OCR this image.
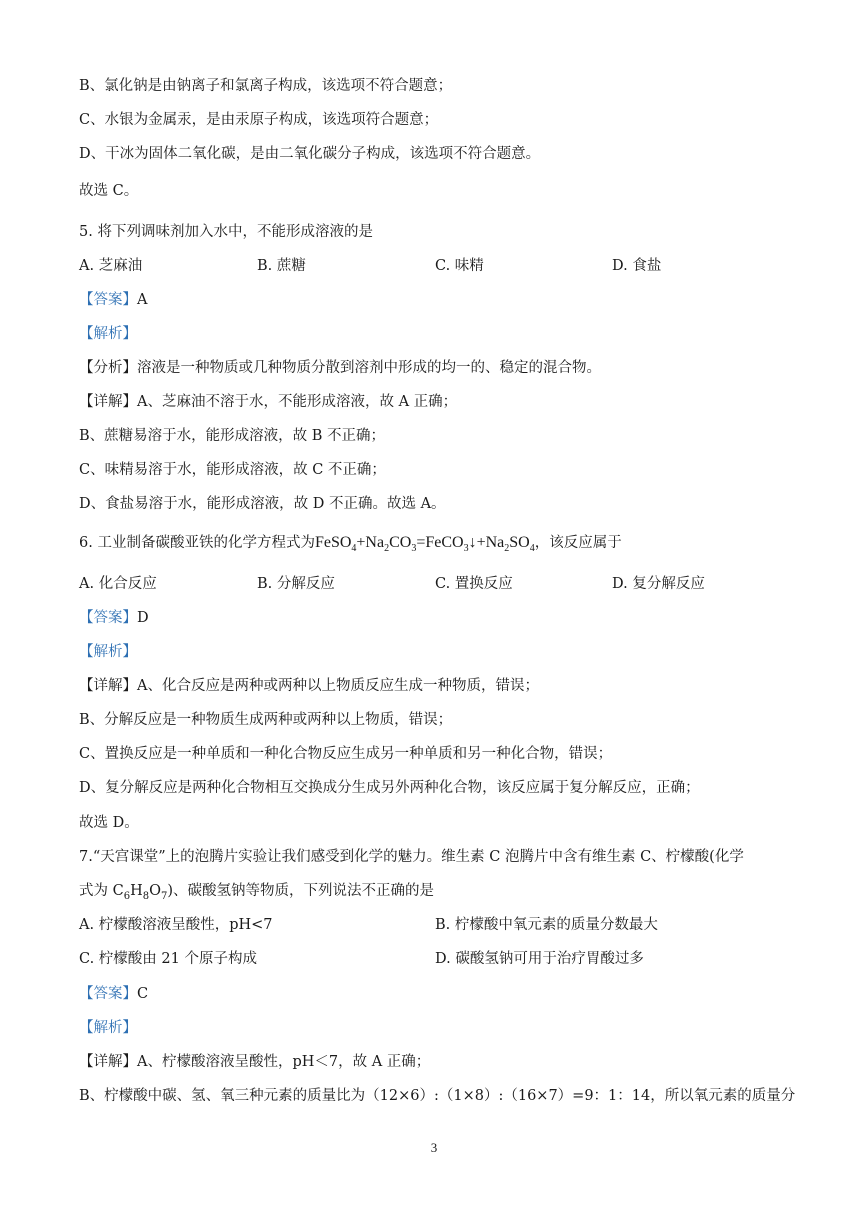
B、氯化钠是由钠离子和氯离子构成，该选项不符合题意；
C、水银为金属汞，是由汞原子构成，该选项符合题意；
D、干冰为固体二氧化碳，是由二氧化碳分子构成，该选项不符合题意。
故选 C。
5. 将下列调味剂加入水中，不能形成溶液的是
A. 芝麻油	B. 蔗糖	C. 味精	D. 食盐
【答案】A
【解析】
【分析】溶液是一种物质或几种物质分散到溶剂中形成的均一的、稳定的混合物。
【详解】A、芝麻油不溶于水，不能形成溶液，故 A 正确；
B、蔗糖易溶于水，能形成溶液，故 B 不正确；
C、味精易溶于水，能形成溶液，故 C 不正确；
D、食盐易溶于水，能形成溶液，故 D 不正确。故选 A。
6. 工业制备碳酸亚铁的化学方程式为$FeSO_4+Na_2CO_3=FeCO_3↓+Na_2SO_4$，该反应属于
A. 化合反应	B. 分解反应	C. 置换反应	D. 复分解反应
【答案】D
【解析】
【详解】A、化合反应是两种或两种以上物质反应生成一种物质，错误；
B、分解反应是一种物质生成两种或两种以上物质，错误；
C、置换反应是一种单质和一种化合物反应生成另一种单质和另一种化合物，错误；
D、复分解反应是两种化合物相互交换成分生成另外两种化合物，该反应属于复分解反应，正确；
故选 D。
7.“天宫课堂”上的泡腾片实验让我们感受到化学的魅力。维生素 C 泡腾片中含有维生素 C、柠檬酸(化学
式为 $C_6H_8O_7$)、碳酸氢钠等物质，下列说法不正确的是
A. 柠檬酸溶液呈酸性，pH<7	B. 柠檬酸中氧元素的质量分数最大
C. 柠檬酸由 21 个原子构成	D. 碳酸氢钠可用于治疗胃酸过多
【答案】C
【解析】
【详解】A、柠檬酸溶液呈酸性，pH＜7，故 A 正确；
B、柠檬酸中碳、氢、氧三种元素的质量比为（12×6）:（1×8）:（16×7）=9：1：14，所以氧元素的质量分
3
